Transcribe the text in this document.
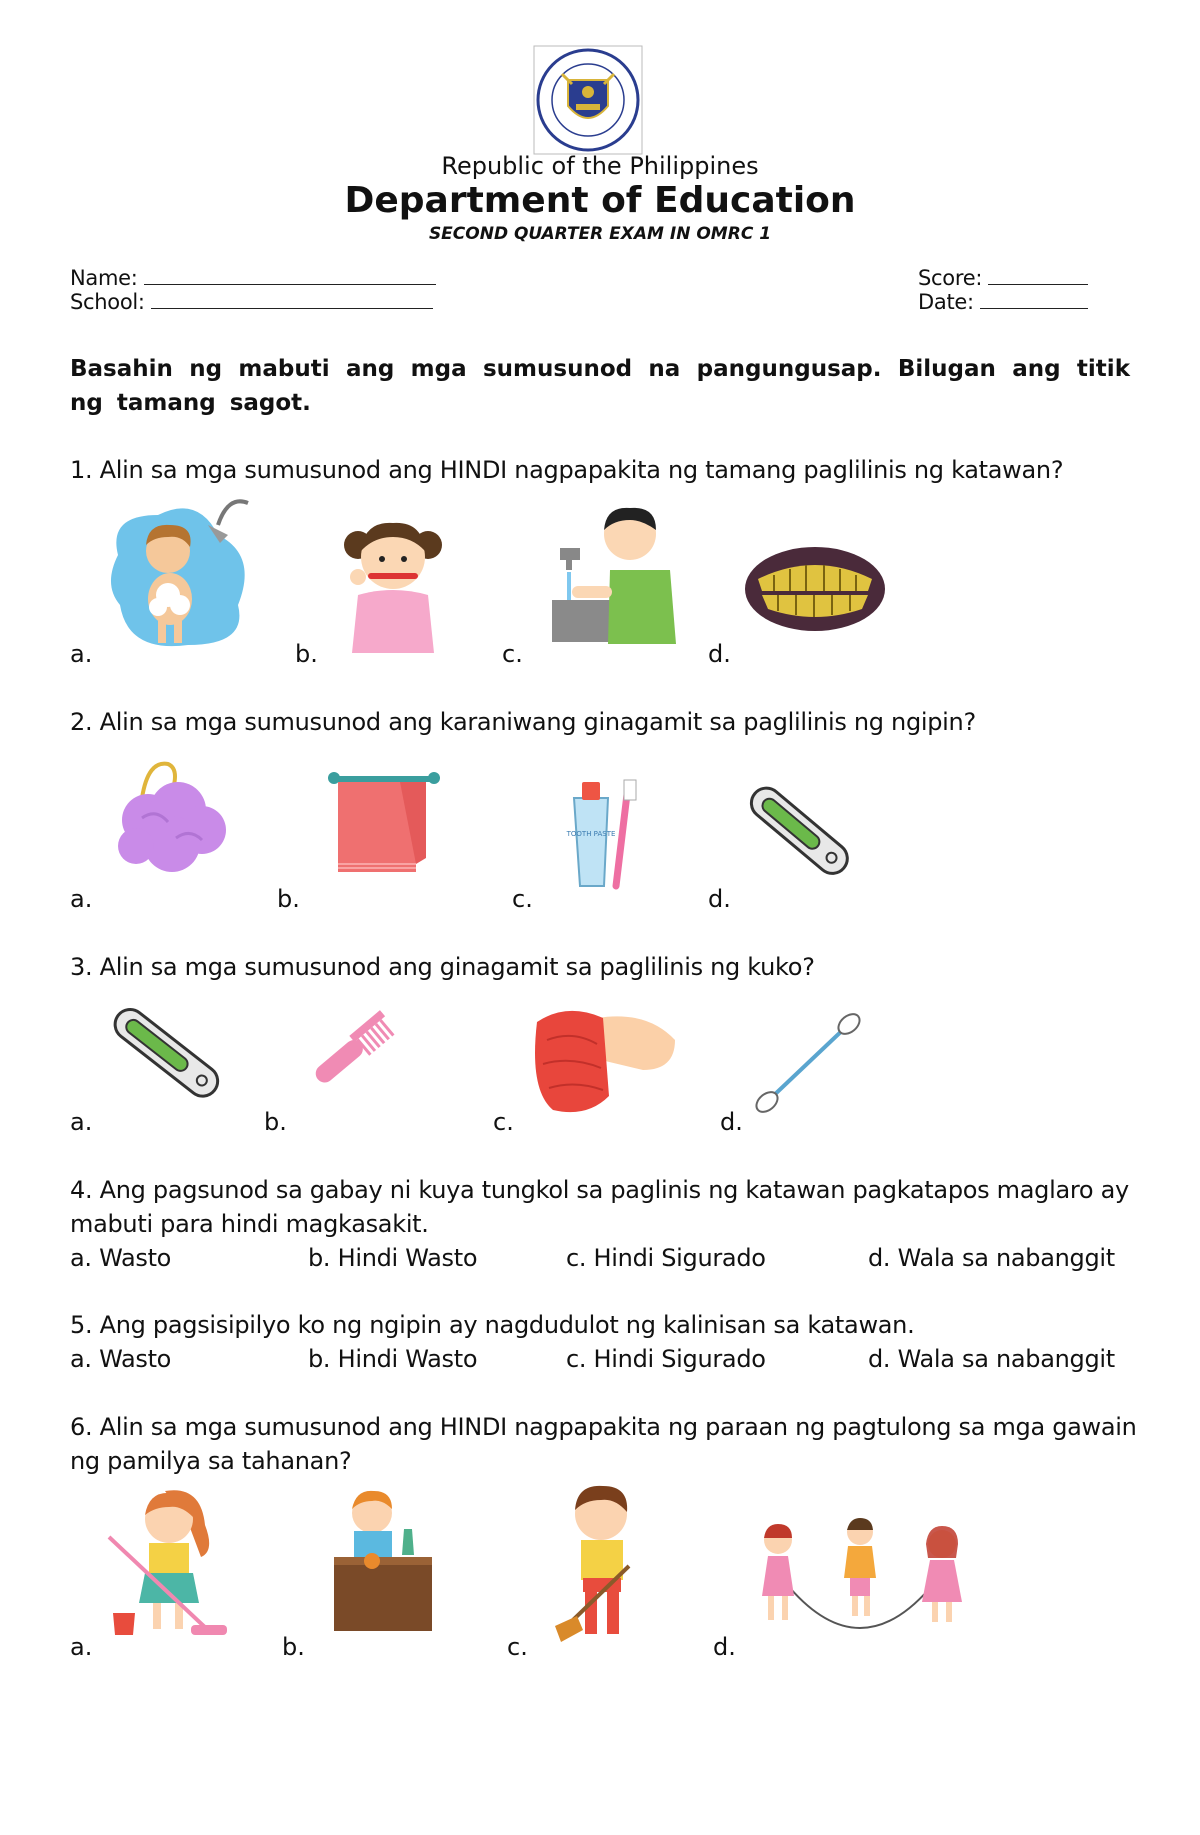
Republic of the Philippines
Department of Education
SECOND QUARTER EXAM IN OMRC 1
Name:
School:
Score:
Date:
Basahin ng mabuti ang mga sumusunod na pangungusap. Bilugan ang titik ng tamang sagot.
1. Alin sa mga sumusunod ang HINDI nagpapakita ng tamang paglilinis ng katawan?
a.	b.	c.	d.
2. Alin sa mga sumusunod ang karaniwang ginagamit sa paglilinis ng ngipin?
TOOTH PASTE
a.	b.	c.	d.
3. Alin sa mga sumusunod ang ginagamit sa paglilinis ng kuko?
a.	b.	c.	d.
4. Ang pagsunod sa gabay ni kuya tungkol sa paglinis ng katawan pagkatapos maglaro ay
mabuti para hindi magkasakit.
a. Wasto	b. Hindi Wasto	c. Hindi Sigurado	d. Wala sa nabanggit
5. Ang pagsisipilyo ko ng ngipin ay nagdudulot ng kalinisan sa katawan.
a. Wasto	b. Hindi Wasto	c. Hindi Sigurado	d. Wala sa nabanggit
6. Alin sa mga sumusunod ang HINDI nagpapakita ng paraan ng pagtulong sa mga gawain
ng pamilya sa tahanan?
a.	b.	c.	d.
